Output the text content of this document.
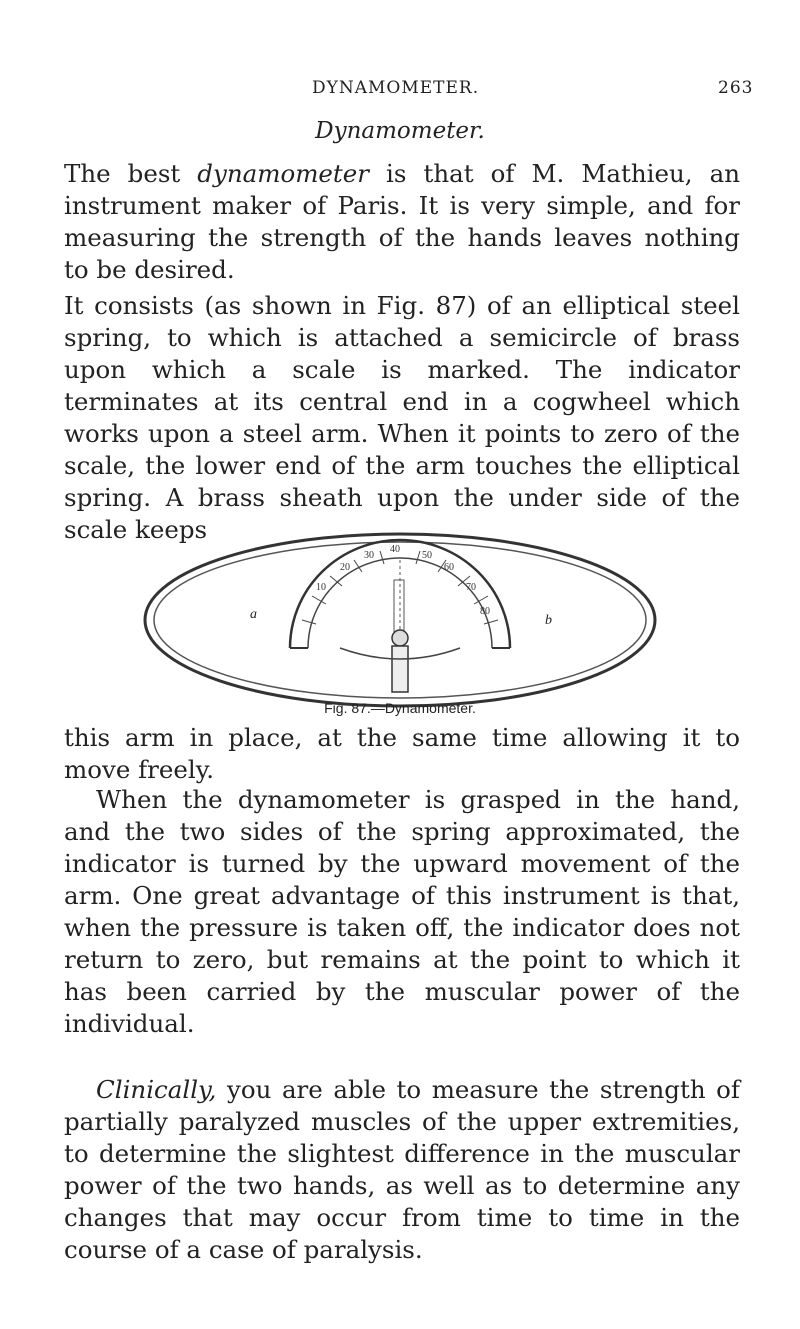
DYNAMOMETER.	263
Dynamometer.

The best dynamometer is that of M. Mathieu, an instrument maker of Paris. It is very simple, and for measuring the strength of the hands leaves nothing to be desired.

It consists (as shown in Fig. 87) of an elliptical steel spring, to which is attached a semicircle of brass upon which a scale is marked. The indicator terminates at its central end in a cogwheel which works upon a steel arm. When it points to zero of the scale, the lower end of the arm touches the elliptical spring. A brass sheath upon the under side of the scale keeps

10
20
30
40
50
60
70
80
a	b
Fig. 87.—Dynamometer.

this arm in place, at the same time allowing it to move freely.

When the dynamometer is grasped in the hand, and the two sides of the spring approximated, the indicator is turned by the upward movement of the arm. One great advantage of this instrument is that, when the pressure is taken off, the indicator does not return to zero, but remains at the point to which it has been carried by the muscular power of the individual.

Clinically, you are able to measure the strength of partially paralyzed muscles of the upper extremities, to determine the slightest difference in the muscular power of the two hands, as well as to determine any changes that may occur from time to time in the course of a case of paralysis.
